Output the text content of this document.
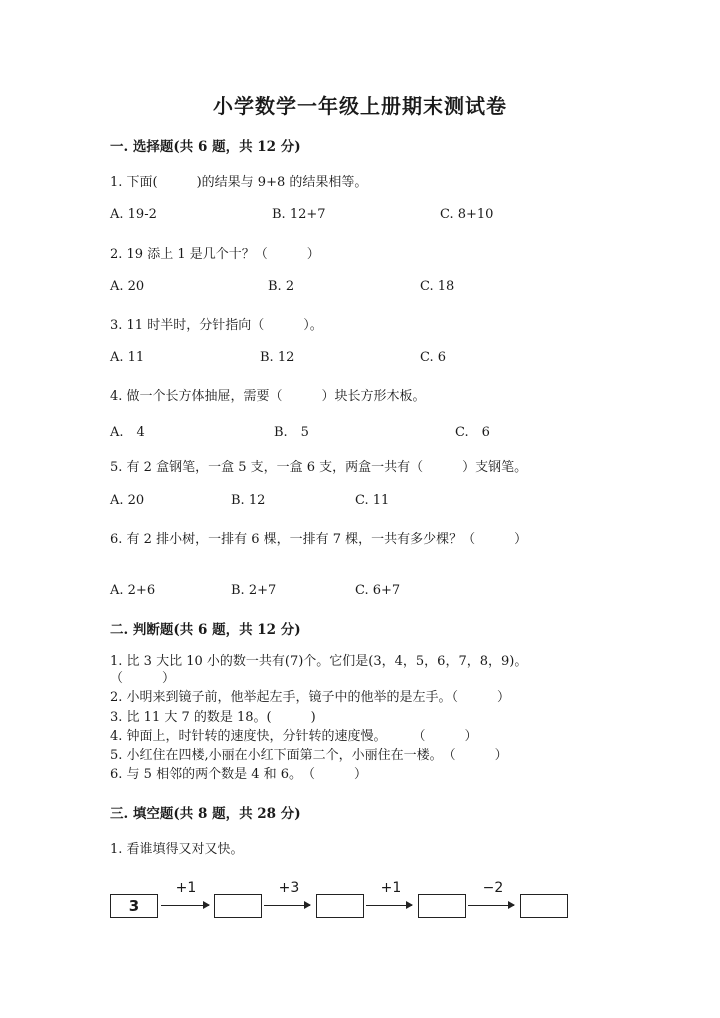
小学数学一年级上册期末测试卷
一. 选择题(共 6 题，共 12 分)
1. 下面(　　　)的结果与 9+8 的结果相等。
A. 19-2	B. 12+7	C. 8+10
2. 19 添上 1 是几个十？（　　　）
A. 20	B. 2	C. 18
3. 11 时半时，分针指向（　　　）。
A. 11	B. 12	C. 6
4. 做一个长方体抽屉，需要（　　　）块长方形木板。
A.　4	B.　5	C.　6
5. 有 2 盒钢笔，一盒 5 支，一盒 6 支，两盒一共有（　　　）支钢笔。
A. 20	B. 12	C. 11
6. 有 2 排小树，一排有 6 棵，一排有 7 棵，一共有多少棵？（　　　）
A. 2+6	B. 2+7	C. 6+7
二. 判断题(共 6 题，共 12 分)
1. 比 3 大比 10 小的数一共有(7)个。它们是(3，4，5，6，7，8，9)。
（　　　）
2. 小明来到镜子前，他举起左手，镜子中的他举的是左手。（　　　）
3. 比 11 大 7 的数是 18。(　　　)
4. 钟面上，时针转的速度快，分针转的速度慢。　　　（　　　）
5. 小红住在四楼,小丽在小红下面第二个，小丽住在一楼。　（　　　）
6. 与 5 相邻的两个数是 4 和 6。　（　　　）
三. 填空题(共 8 题，共 28 分)
1. 看谁填得又对又快。
3
+1	+3	+1	−2
